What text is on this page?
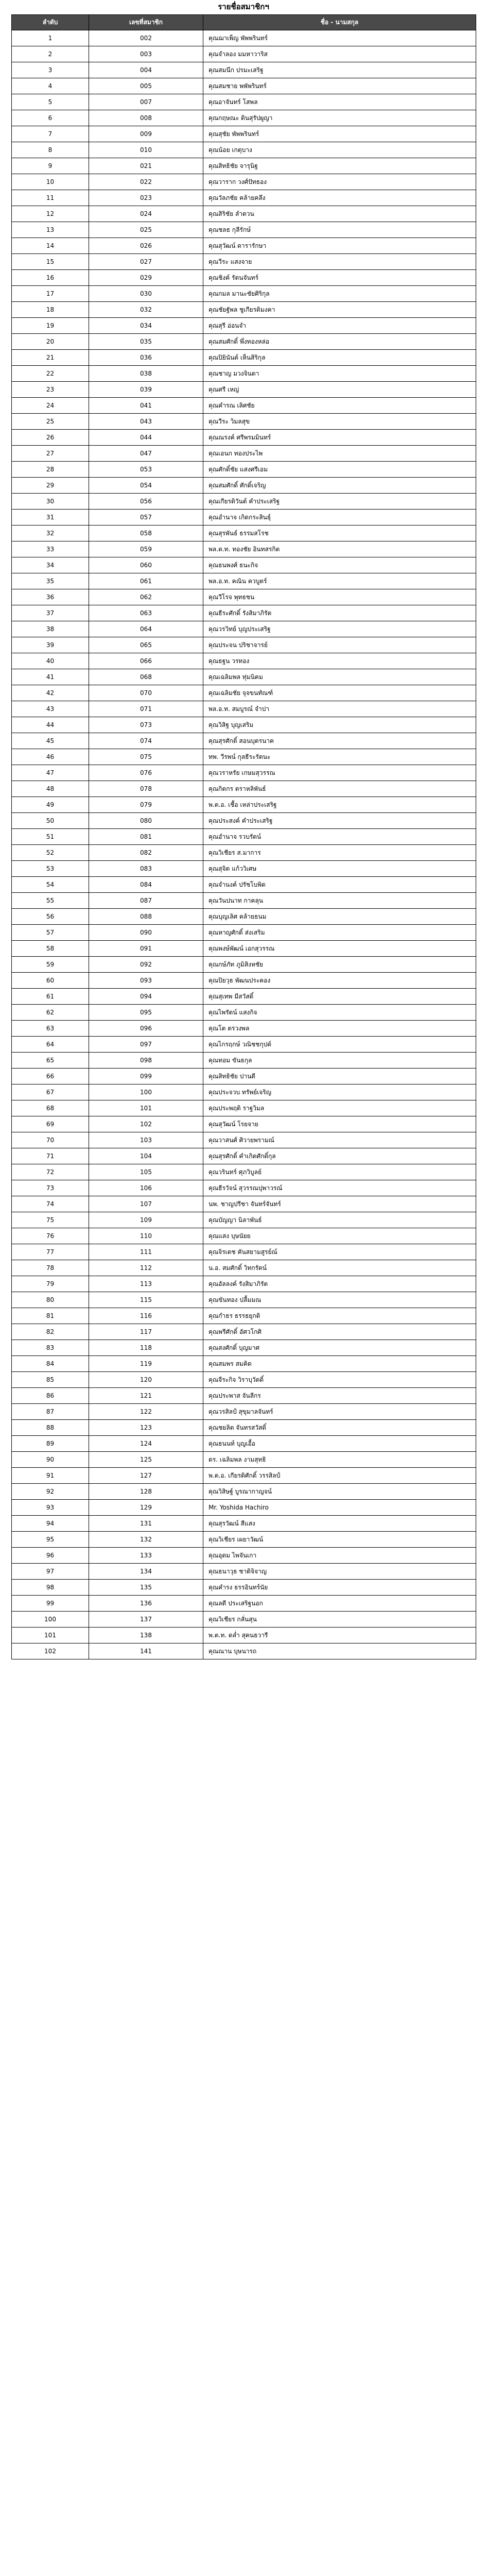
รายชื่อสมาชิกฯ
ลำดับ	เลขที่สมาชิก	ชื่อ - นามสกุล
1	002	คุณฌาเพ็ญ พัพพรินทร์
2	003	คุณจำลอง มมหาวาริส
3	004	คุณสมนึก ปรมะเสริฐ
4	005	คุณสมชาย พพัพรินทร์
5	007	คุณอาจันทร์ โสพล
6	008	คุณกฤษณะ ดินสุรัปผูญา
7	009	คุณสุชัย พัพพรินทร์
8	010	คุณน้อย เกตุบาง
9	021	คุณสิทธิชัย จารุนิฐ
10	022	คุณวาราก วงศ์ปัทธอง
11	023	คุณวัลภชัย คล้ายคลึง
12	024	คุณสิริชัย ลำดวน
13	025	คุณชลธ กุลีรักษ์
14	026	คุณสุวัฒน์ ดารารักษา
15	027	คุณวีระ แสงจาย
16	029	คุณชิงค์ รัตนจันทร์
17	030	คุณกมล มานะชัยศิริกุล
18	032	คุณชัยฐัพล ชูเกียรติมงคา
19	034	คุณสุรี อ่อนจำ
20	035	คุณสมศักดิ์ พึ่งทองหล่อ
21	036	คุณปิยินันต์ เห็นสิริกุล
22	038	คุณชาญ มวงจินดา
23	039	คุณศรี เหญ่
24	041	คุณคำรณ เลิศชัย
25	043	คุณวีระ วิมลสุข
26	044	คุณณรงค์ ศรีพรมมินทร์
27	047	คุณเอนก ทองประไพ
28	053	คุณศักดิ์ชัย แสงศรีเอม
29	054	คุณสมศักดิ์ ศักดิ์เจริญ
30	056	คุณเกียรติวันต์ คำประเสริฐ
31	057	คุณอำนาจ เกิดกระสินธุ์
32	058	คุณสุรพันธ์ ธรรมสโรช
33	059	พล.ต.ท. ทองชัย อินทสรกิต
34	060	คุณธนพงศ์ ธนะกิจ
35	061	พล.อ.ท. คณิน ควบูตร์
36	062	คุณวีโรจ พุทธชน
37	063	คุณธีระศักดิ์ รังสิมาภิรัต
38	064	คุณวรวิทย์ บุญประเสริฐ
39	065	คุณประจน ปริชาจารย์
40	066	คุณธฐน วรทอง
41	068	คุณเฉลิมพล ทุ่มนิคม
42	070	คุณเฉลิมชัย จุจขนทัณฑ์
43	071	พล.อ.ท. สมบูรณ์ จำปา
44	073	คุณวิสิฐ บุญเสริม
45	074	คุณสุรศักดิ์ สอนบุตรนาค
46	075	ทพ. วีรพน์ กุลธีระรัตนะ
47	076	คุณวราหรัย เกษมสุวรรณ
48	078	คุณกิตกร ตราหลิพันธ์
49	079	พ.ต.อ. เชื้อ เหล่าประเสริฐ
50	080	คุณประสงค์ คำประเสริฐ
51	081	คุณอำนาจ รวบรัตน์
52	082	คุณวิเชียร ส.มาการ
53	083	คุณสุจิต แก้ววิเศษ
54	084	คุณจำนงค์ ปรัชโบพิต
55	087	คุณวันปนาท กาคลุน
56	088	คุณบุญเลิศ คล้ายธนม
57	090	คุณหาญศักดิ์ ส่งเสริม
58	091	คุณพงษ์พัฒน์ เอกสุวรรณ
59	092	คุณกษ์ภัท ภูมิสิงหชัย
60	093	คุณปิยวุธ พัฒนประคอง
61	094	คุณสุเทพ มีสวัสดิ์
62	095	คุณไพรัตน์ แสงกิจ
63	096	คุณโต ตรวงพล
64	097	คุณไกรฤกษ์ วณิชชกุปต์
65	098	คุณทอม ขันธกุล
66	099	คุณสิทธิชัย ปานดี
67	100	คุณประจวบ ทรัพย์เจริญ
68	101	คุณประพฤติ ราฐวิมล
69	102	คุณสุวัฒน์ โรยจาย
70	103	คุณวาสนศ์ ศิวายพรามณ์
71	104	คุณสุรศักดิ์ คำเกิดศักดิ์กุล
72	105	คุณวรินทร์ ศุภวิบูลย์
73	106	คุณธีรวัจน์ สุวรรณปุพาวรณ์
74	107	นพ. ชาญปรีชา จันทร์จันทร์
75	109	คุณบัญญา นิลาพันธ์
76	110	คุณแสง บุษนัยย
77	111	คุณจิรเดช คันสยามสูรย์ณ์
78	112	น.อ. สมศักดิ์ วิทกรัตน์
79	113	คุณอัลลงค์ รังสิมาภิรัต
80	115	คุณขันทอง ปลื้มมณ
81	116	คุณกำธร ธรรธยุกติ
82	117	คุณพรีศักดิ์ อัศวโกศิ
83	118	คุณสงศักดิ์ บุญมาศ
84	119	คุณสมพร สมคิด
85	120	คุณจีระกิจ วิราบุวัดดิ์
86	121	คุณประพาส จันลีกร
87	122	คุณวรสิลป์ สุขุมาลจันทร์
88	123	คุณชยลิต จันทรสวัสดิ์
89	124	คุณธนนท์ บุญเอื้อ
90	125	ดร. เฉลิมพล งามสุทธิ
91	127	พ.ต.อ. เกียรติศักดิ์ วรรสิลป์
92	128	คุณวิสิษฐ์ บูรณากาญจน์
93	129	Mr. Yoshida Hachiro
94	131	คุณสุรวัฒน์ สีแสง
95	132	คุณวิเชียร เผยาวัฒน์
96	133	คุณอุดม ไพจันเกา
97	134	คุณธนาวุธ ชาติจิจาญ
98	135	คุณคำรง ธรรอินทร์นัย
99	136	คุณลดี ประเสริฐนอก
100	137	คุณวิเชียร กลั่นสุน
101	138	พ.ต.ท. ดล่ำ สุคนธวารี
102	141	คุณณาน บุษนารถ
